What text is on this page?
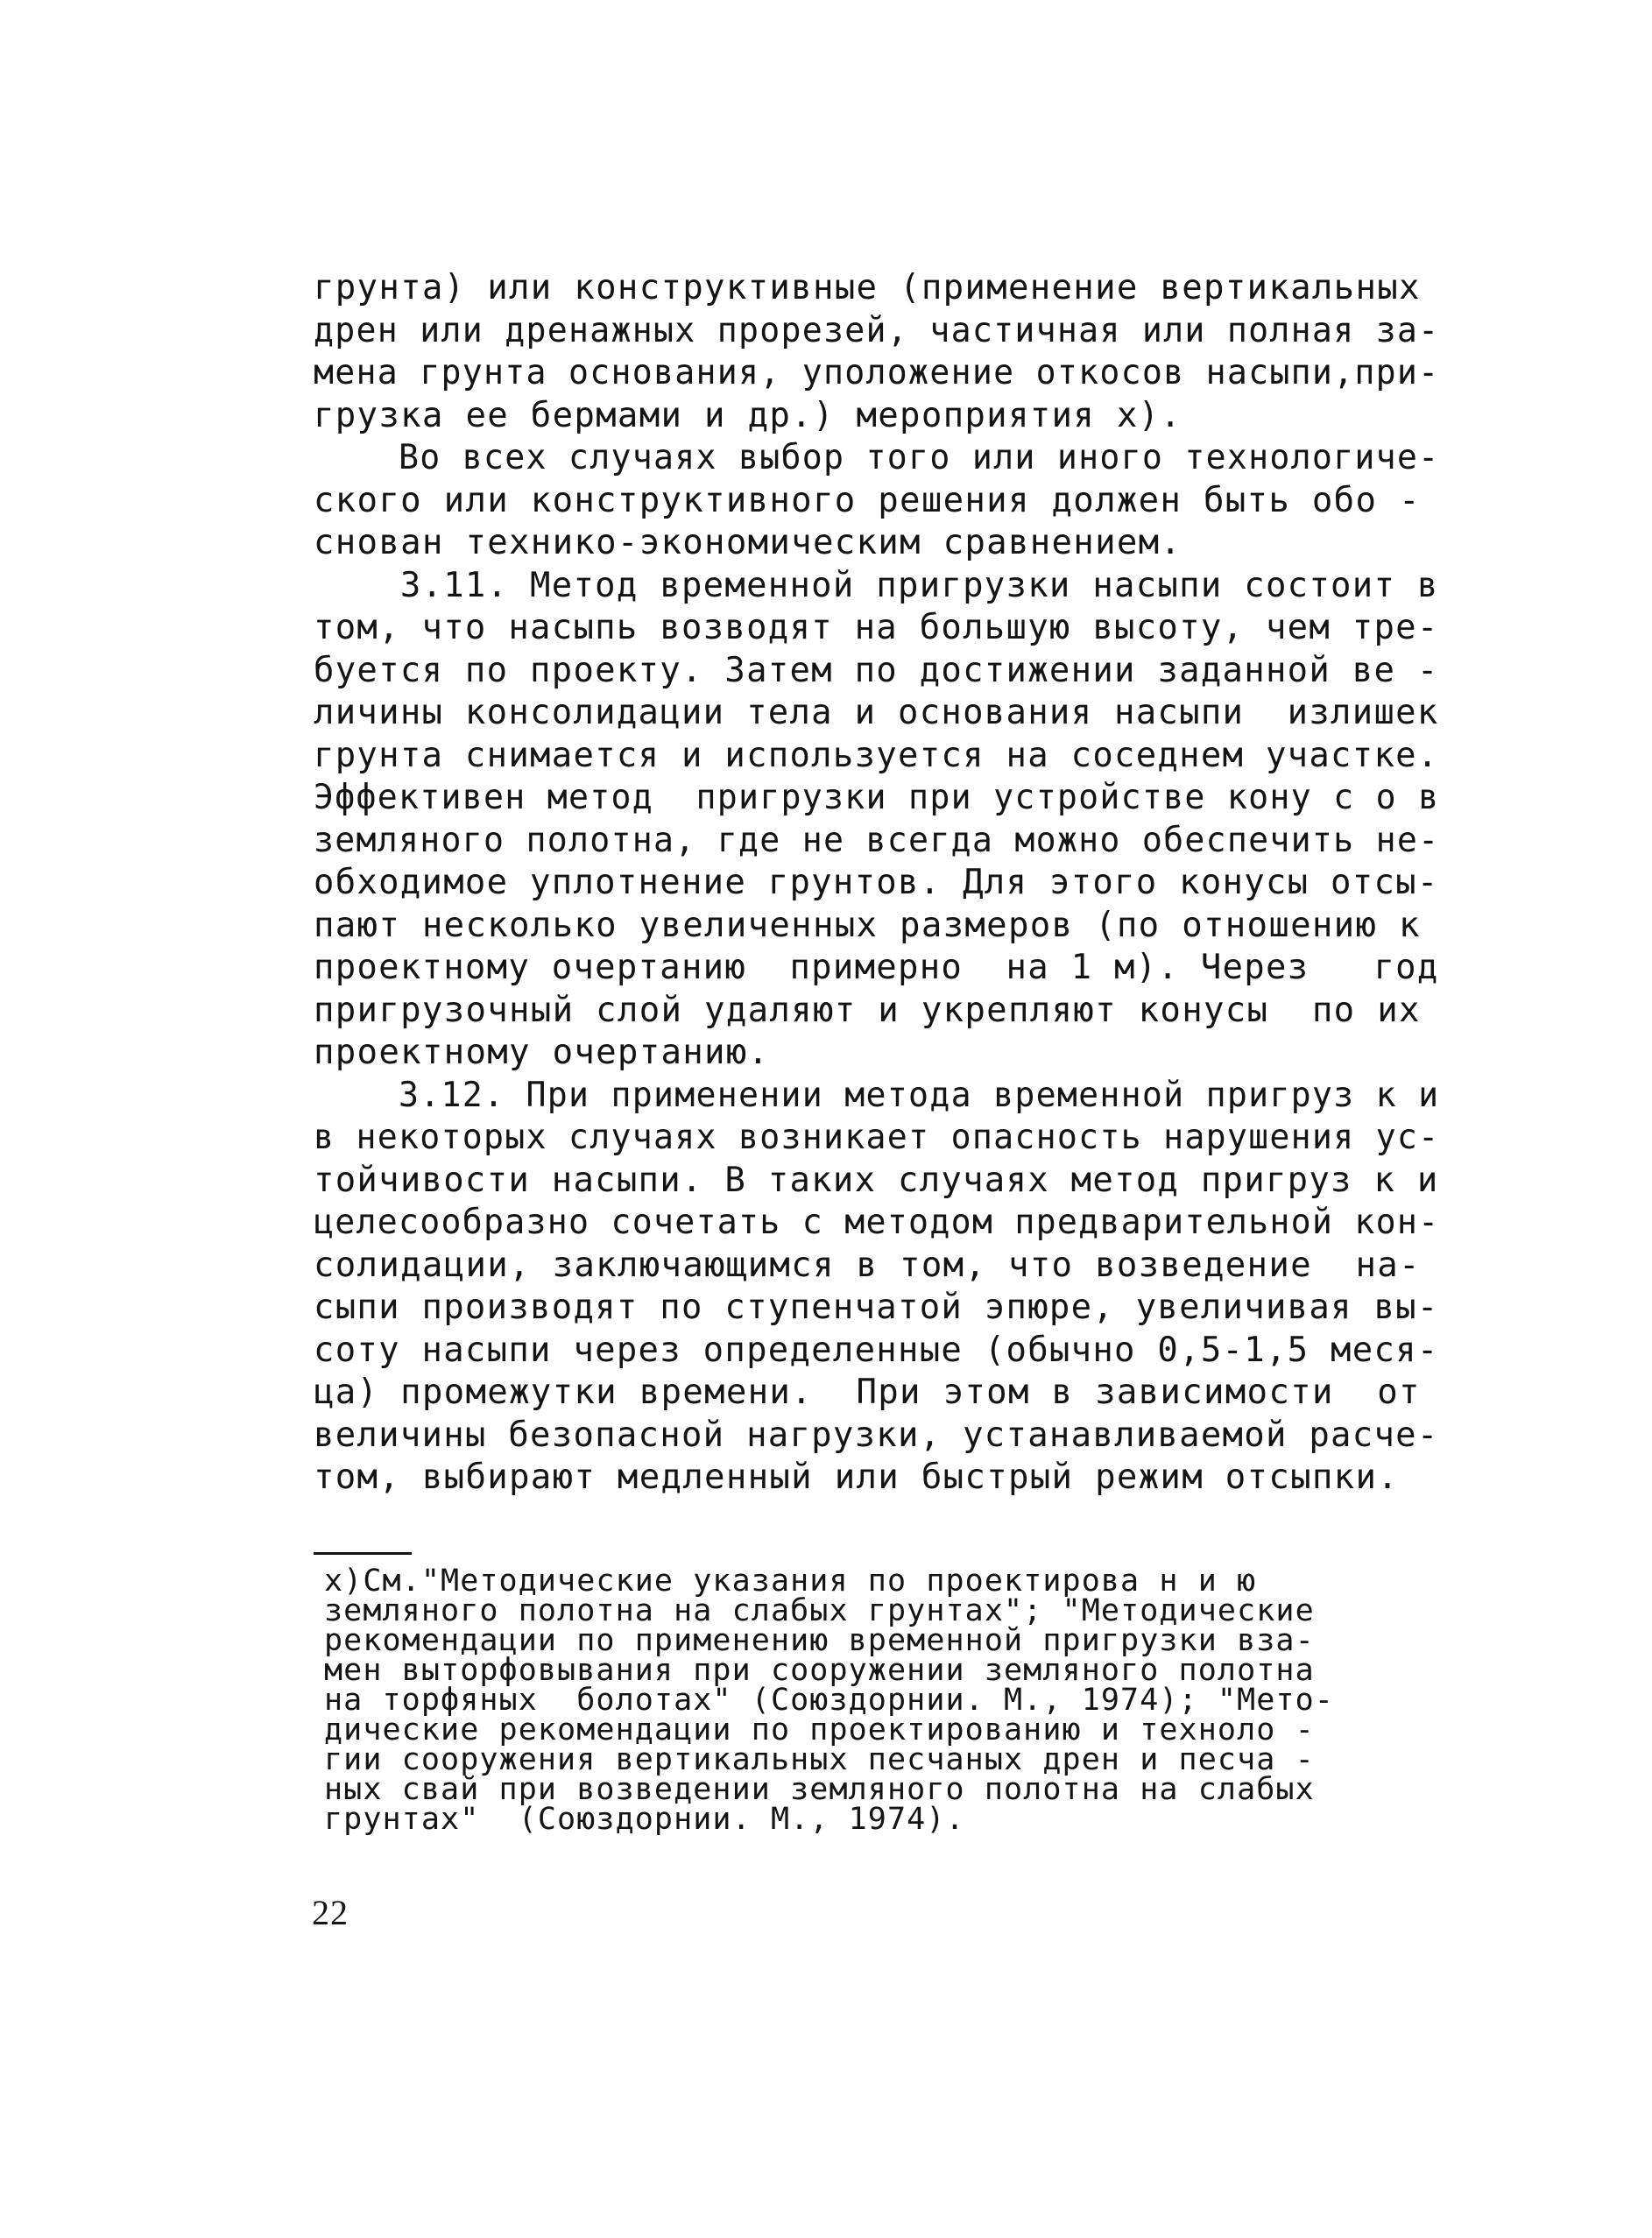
грунта) или конструктивные (применение вертикальных
дрен или дренажных прорезей, частичная или полная за-
мена грунта основания, уположение откосов насыпи,при-
грузка ее бермами и др.) мероприятия x).
Во всех случаях выбор того или иного технологиче-
ского или конструктивного решения должен быть обо -
снован технико-экономическим сравнением.
3.11. Метод временной пригрузки насыпи состоит в
том, что насыпь возводят на большую высоту, чем тре-
буется по проекту. Затем по достижении заданной ве -
личины консолидации тела и основания насыпи  излишек
грунта снимается и используется на соседнем участке.
Эффективен метод  пригрузки при устройстве кону с о в
земляного полотна, где не всегда можно обеспечить не-
обходимое уплотнение грунтов. Для этого конусы отсы-
пают несколько увеличенных размеров (по отношению к
проектному очертанию  примерно  на 1 м). Через   год
пригрузочный слой удаляют и укрепляют конусы  по их
проектному очертанию.
3.12. При применении метода временной пригруз к и
в некоторых случаях возникает опасность нарушения ус-
тойчивости насыпи. В таких случаях метод пригруз к и
целесообразно сочетать с методом предварительной кон-
солидации, заключающимся в том, что возведение  на-
сыпи производят по ступенчатой эпюре, увеличивая вы-
соту насыпи через определенные (обычно 0,5-1,5 меся-
ца) промежутки времени.  При этом в зависимости  от
величины безопасной нагрузки, устанавливаемой расче-
том, выбирают медленный или быстрый режим отсыпки.
x)См."Методические указания по проектирова н и ю
земляного полотна на слабых грунтах"; "Методические
рекомендации по применению временной пригрузки вза-
мен выторфовывания при сооружении земляного полотна
на торфяных  болотах" (Союздорнии. М., 1974); "Мето-
дические рекомендации по проектированию и техноло -
гии сооружения вертикальных песчаных дрен и песча -
ных свай при возведении земляного полотна на слабых
грунтах"  (Союздорнии. М., 1974).
22
